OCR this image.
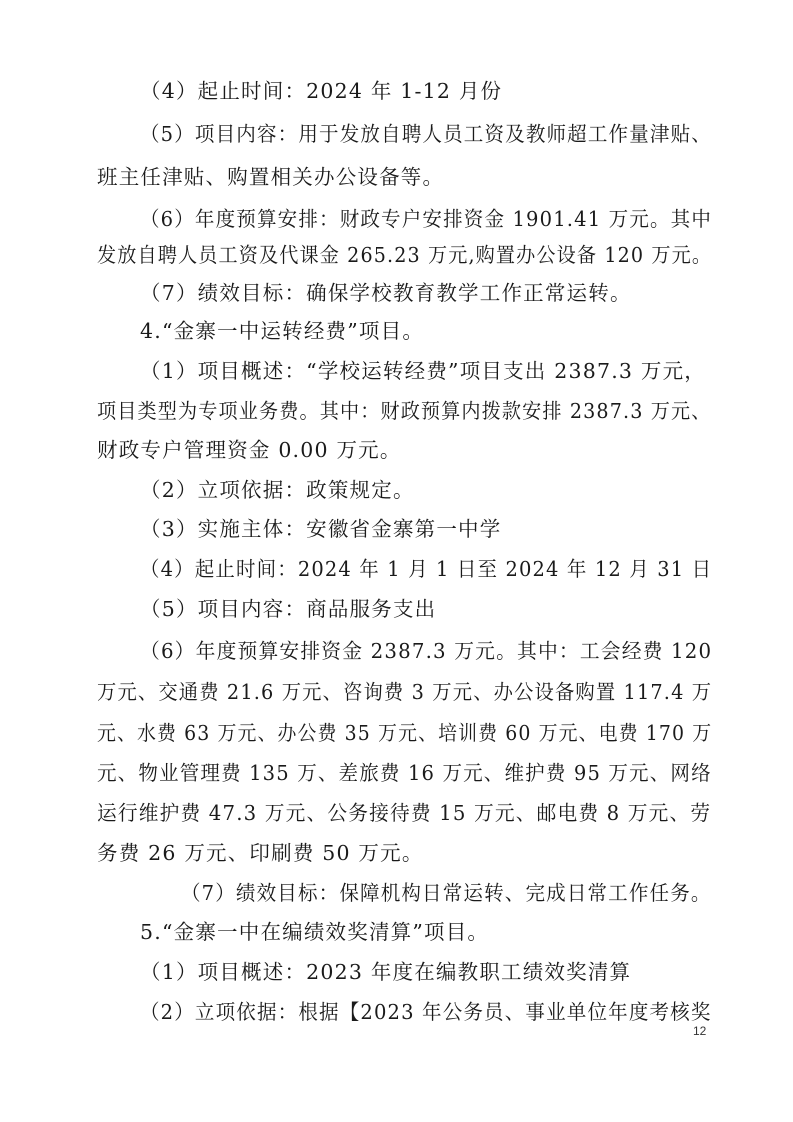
（4）起止时间：2024 年 1-12 月份
（5）项目内容：用于发放自聘人员工资及教师超工作量津贴、
班主任津贴、购置相关办公设备等。
（6）年度预算安排：财政专户安排资金 1901.41 万元。其中
发放自聘人员工资及代课金 265.23 万元,购置办公设备 120 万元。
（7）绩效目标：确保学校教育教学工作正常运转。
4.“金寨一中运转经费”项目。
（1）项目概述：“学校运转经费”项目支出 2387.3 万元，
项目类型为专项业务费。其中：财政预算内拨款安排 2387.3 万元、
财政专户管理资金 0.00 万元。
（2）立项依据：政策规定。
（3）实施主体：安徽省金寨第一中学
（4）起止时间：2024 年 1 月 1 日至 2024 年 12 月 31 日
（5）项目内容：商品服务支出
（6）年度预算安排资金 2387.3 万元。其中：工会经费 120
万元、交通费 21.6 万元、咨询费 3 万元、办公设备购置 117.4 万
元、水费 63 万元、办公费 35 万元、培训费 60 万元、电费 170 万
元、物业管理费 135 万、差旅费 16 万元、维护费 95 万元、网络
运行维护费 47.3 万元、公务接待费 15 万元、邮电费 8 万元、劳
务费 26 万元、印刷费 50 万元。
（7）绩效目标：保障机构日常运转、完成日常工作任务。
5.“金寨一中在编绩效奖清算”项目。
（1）项目概述：2023 年度在编教职工绩效奖清算
（2）立项依据：根据【2023 年公务员、事业单位年度考核奖
12
